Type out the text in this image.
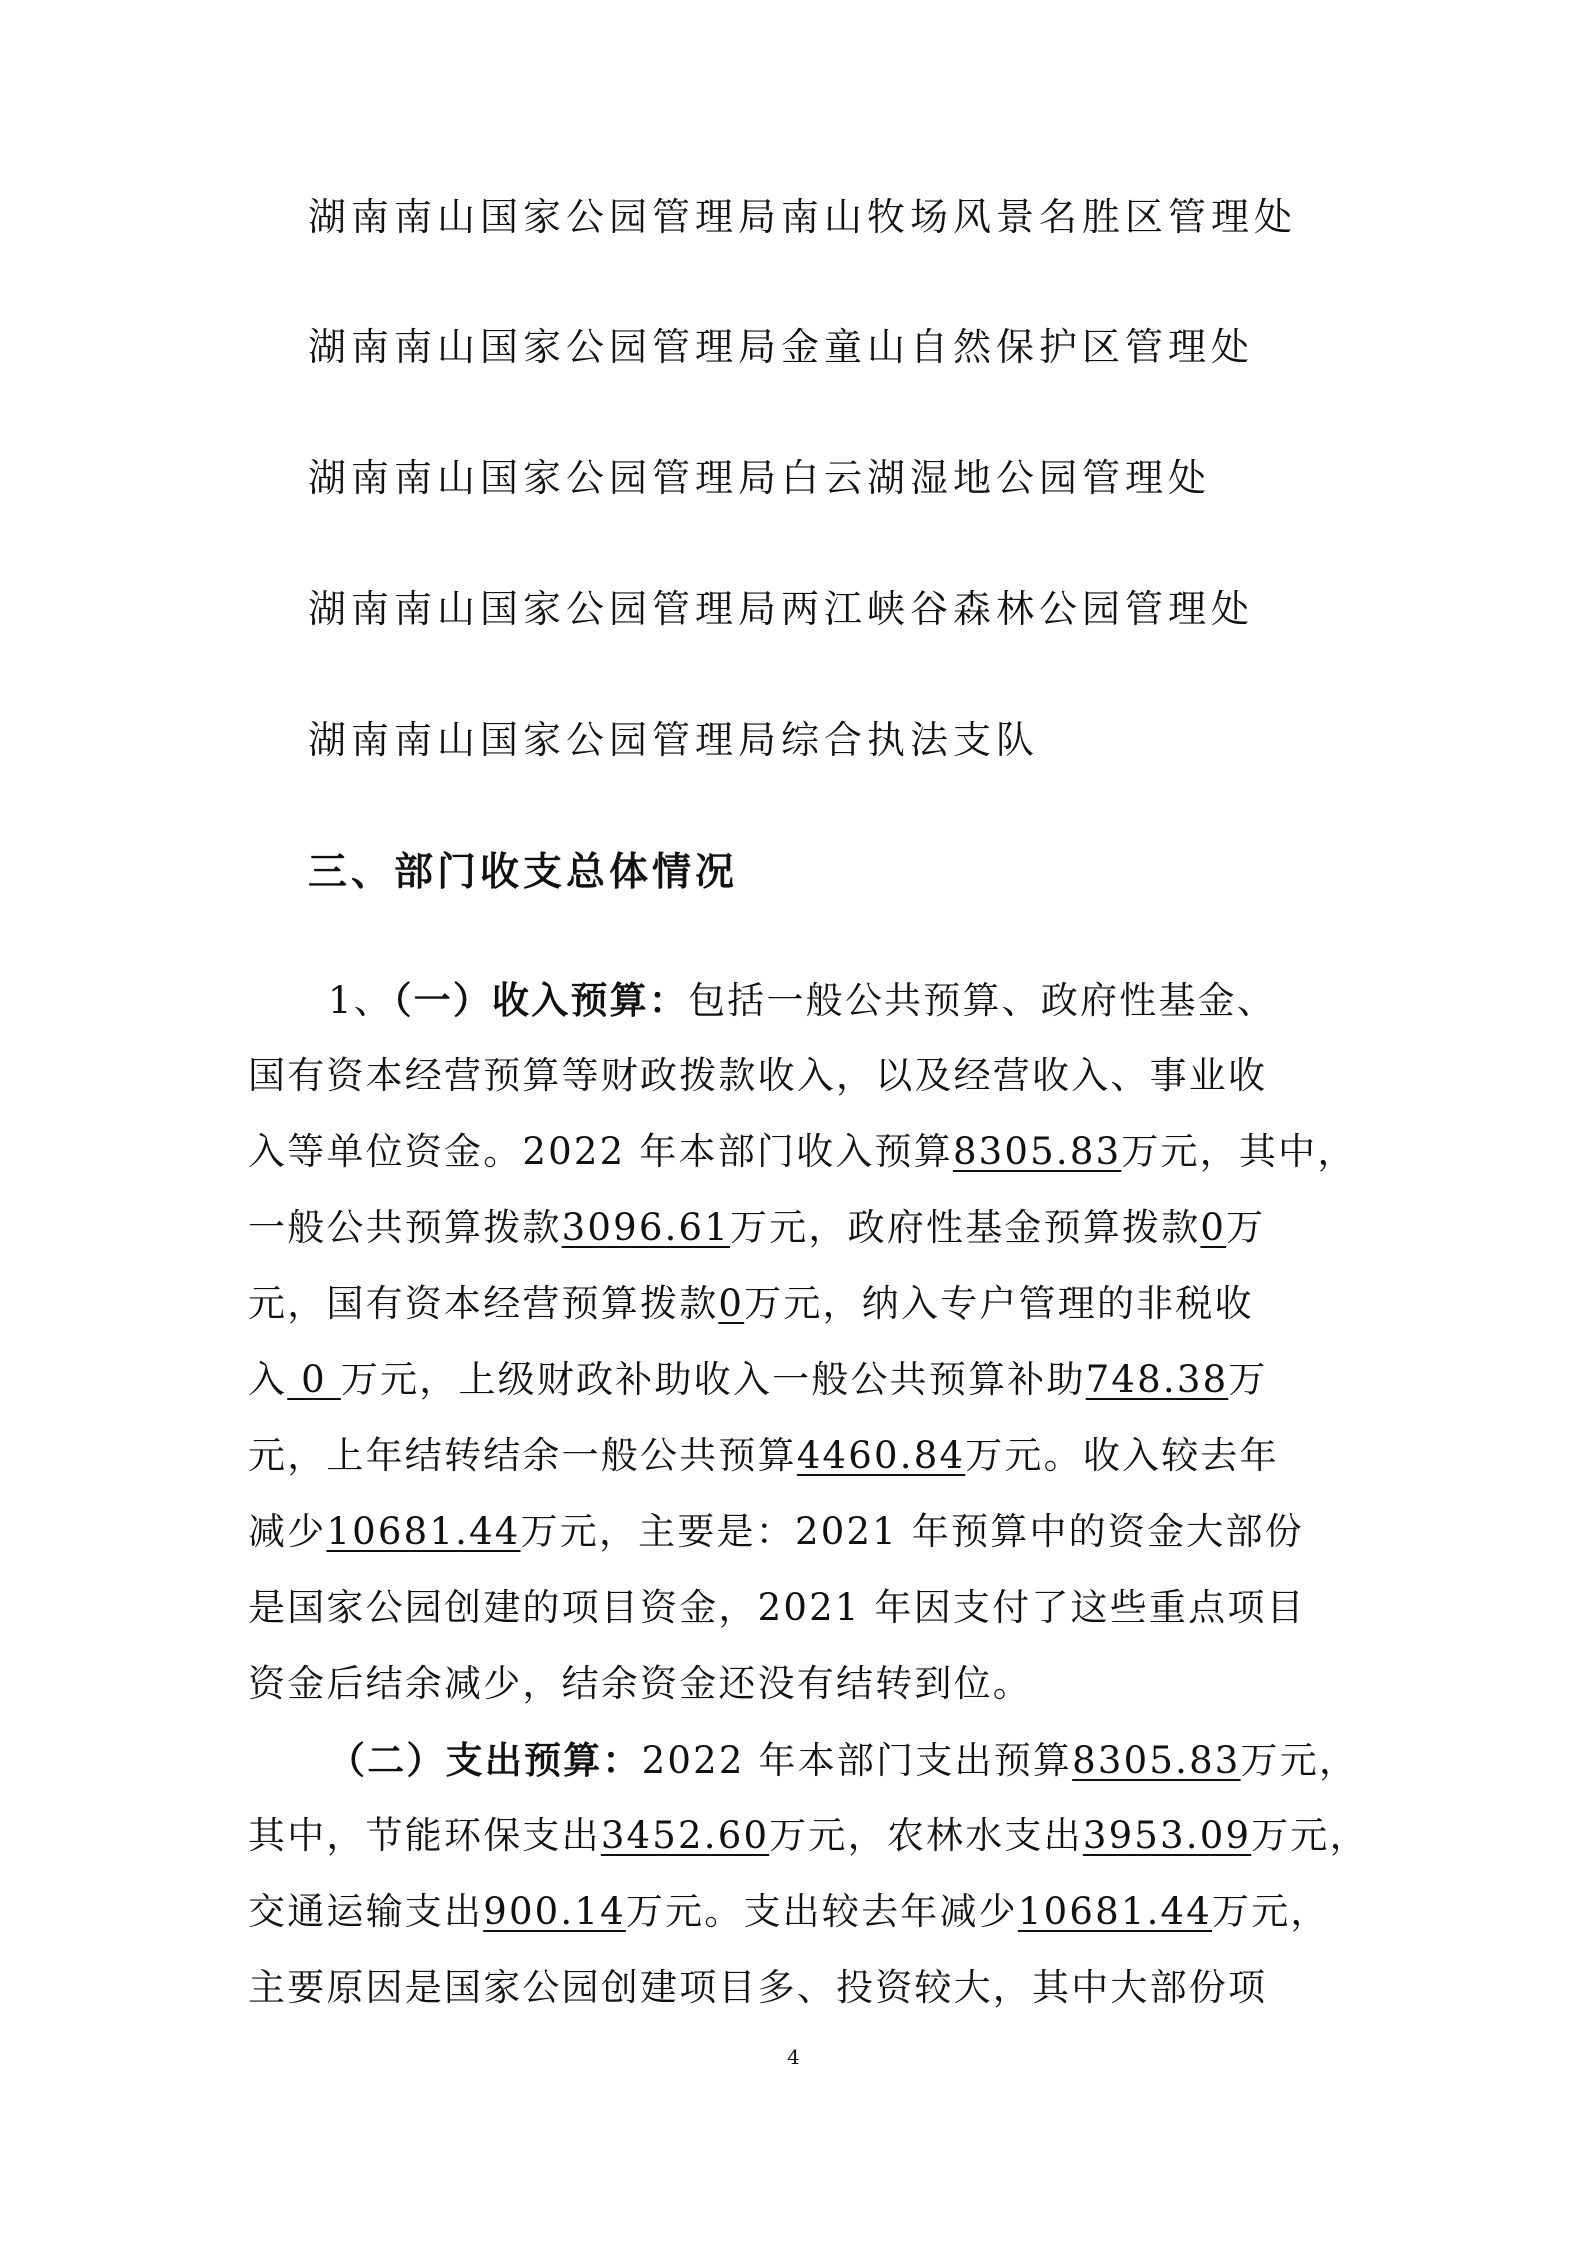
湖南南山国家公园管理局南山牧场风景名胜区管理处
湖南南山国家公园管理局金童山自然保护区管理处
湖南南山国家公园管理局白云湖湿地公园管理处
湖南南山国家公园管理局两江峡谷森林公园管理处
湖南南山国家公园管理局综合执法支队
三、部门收支总体情况
1、（一）收入预算：包括一般公共预算、政府性基金、
国有资本经营预算等财政拨款收入，以及经营收入、事业收
入等单位资金。2022 年本部门收入预算8305.83万元，其中，
一般公共预算拨款3096.61万元，政府性基金预算拨款0万
元，国有资本经营预算拨款0万元，纳入专户管理的非税收
入 0 万元，上级财政补助收入一般公共预算补助748.38万
元，上年结转结余一般公共预算4460.84万元。收入较去年
减少10681.44万元，主要是：2021 年预算中的资金大部份
是国家公园创建的项目资金，2021 年因支付了这些重点项目
资金后结余减少，结余资金还没有结转到位。
（二）支出预算：2022 年本部门支出预算8305.83万元，
其中，节能环保支出3452.60万元，农林水支出3953.09万元，
交通运输支出900.14万元。支出较去年减少10681.44万元，
主要原因是国家公园创建项目多、投资较大，其中大部份项
4
